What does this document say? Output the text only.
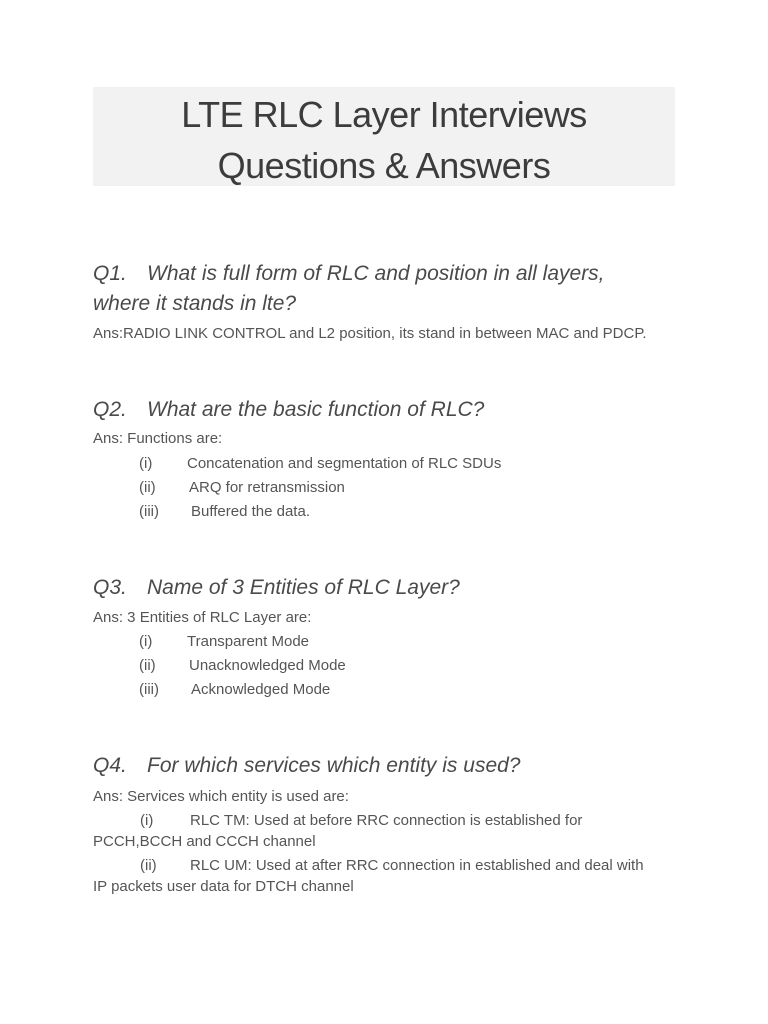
LTE RLC Layer Interviews
Questions & Answers
Q1. What is full form of RLC and position in all layers,
where it stands in lte?
Ans:RADIO LINK CONTROL and L2 position, its stand in between MAC and PDCP.
Q2. What are the basic function of RLC?
Ans: Functions are:
(i) Concatenation and segmentation of RLC SDUs
(ii) ARQ for retransmission
(iii) Buffered the data.
Q3. Name of 3 Entities of RLC Layer?
Ans: 3 Entities of RLC Layer are:
(i) Transparent Mode
(ii) Unacknowledged Mode
(iii) Acknowledged Mode
Q4. For which services which entity is used?
Ans: Services which entity is used are:
(i) RLC TM: Used at before RRC connection is established for
PCCH,BCCH and CCCH channel
(ii) RLC UM: Used at after RRC connection in established and deal with
IP packets user data for DTCH channel
